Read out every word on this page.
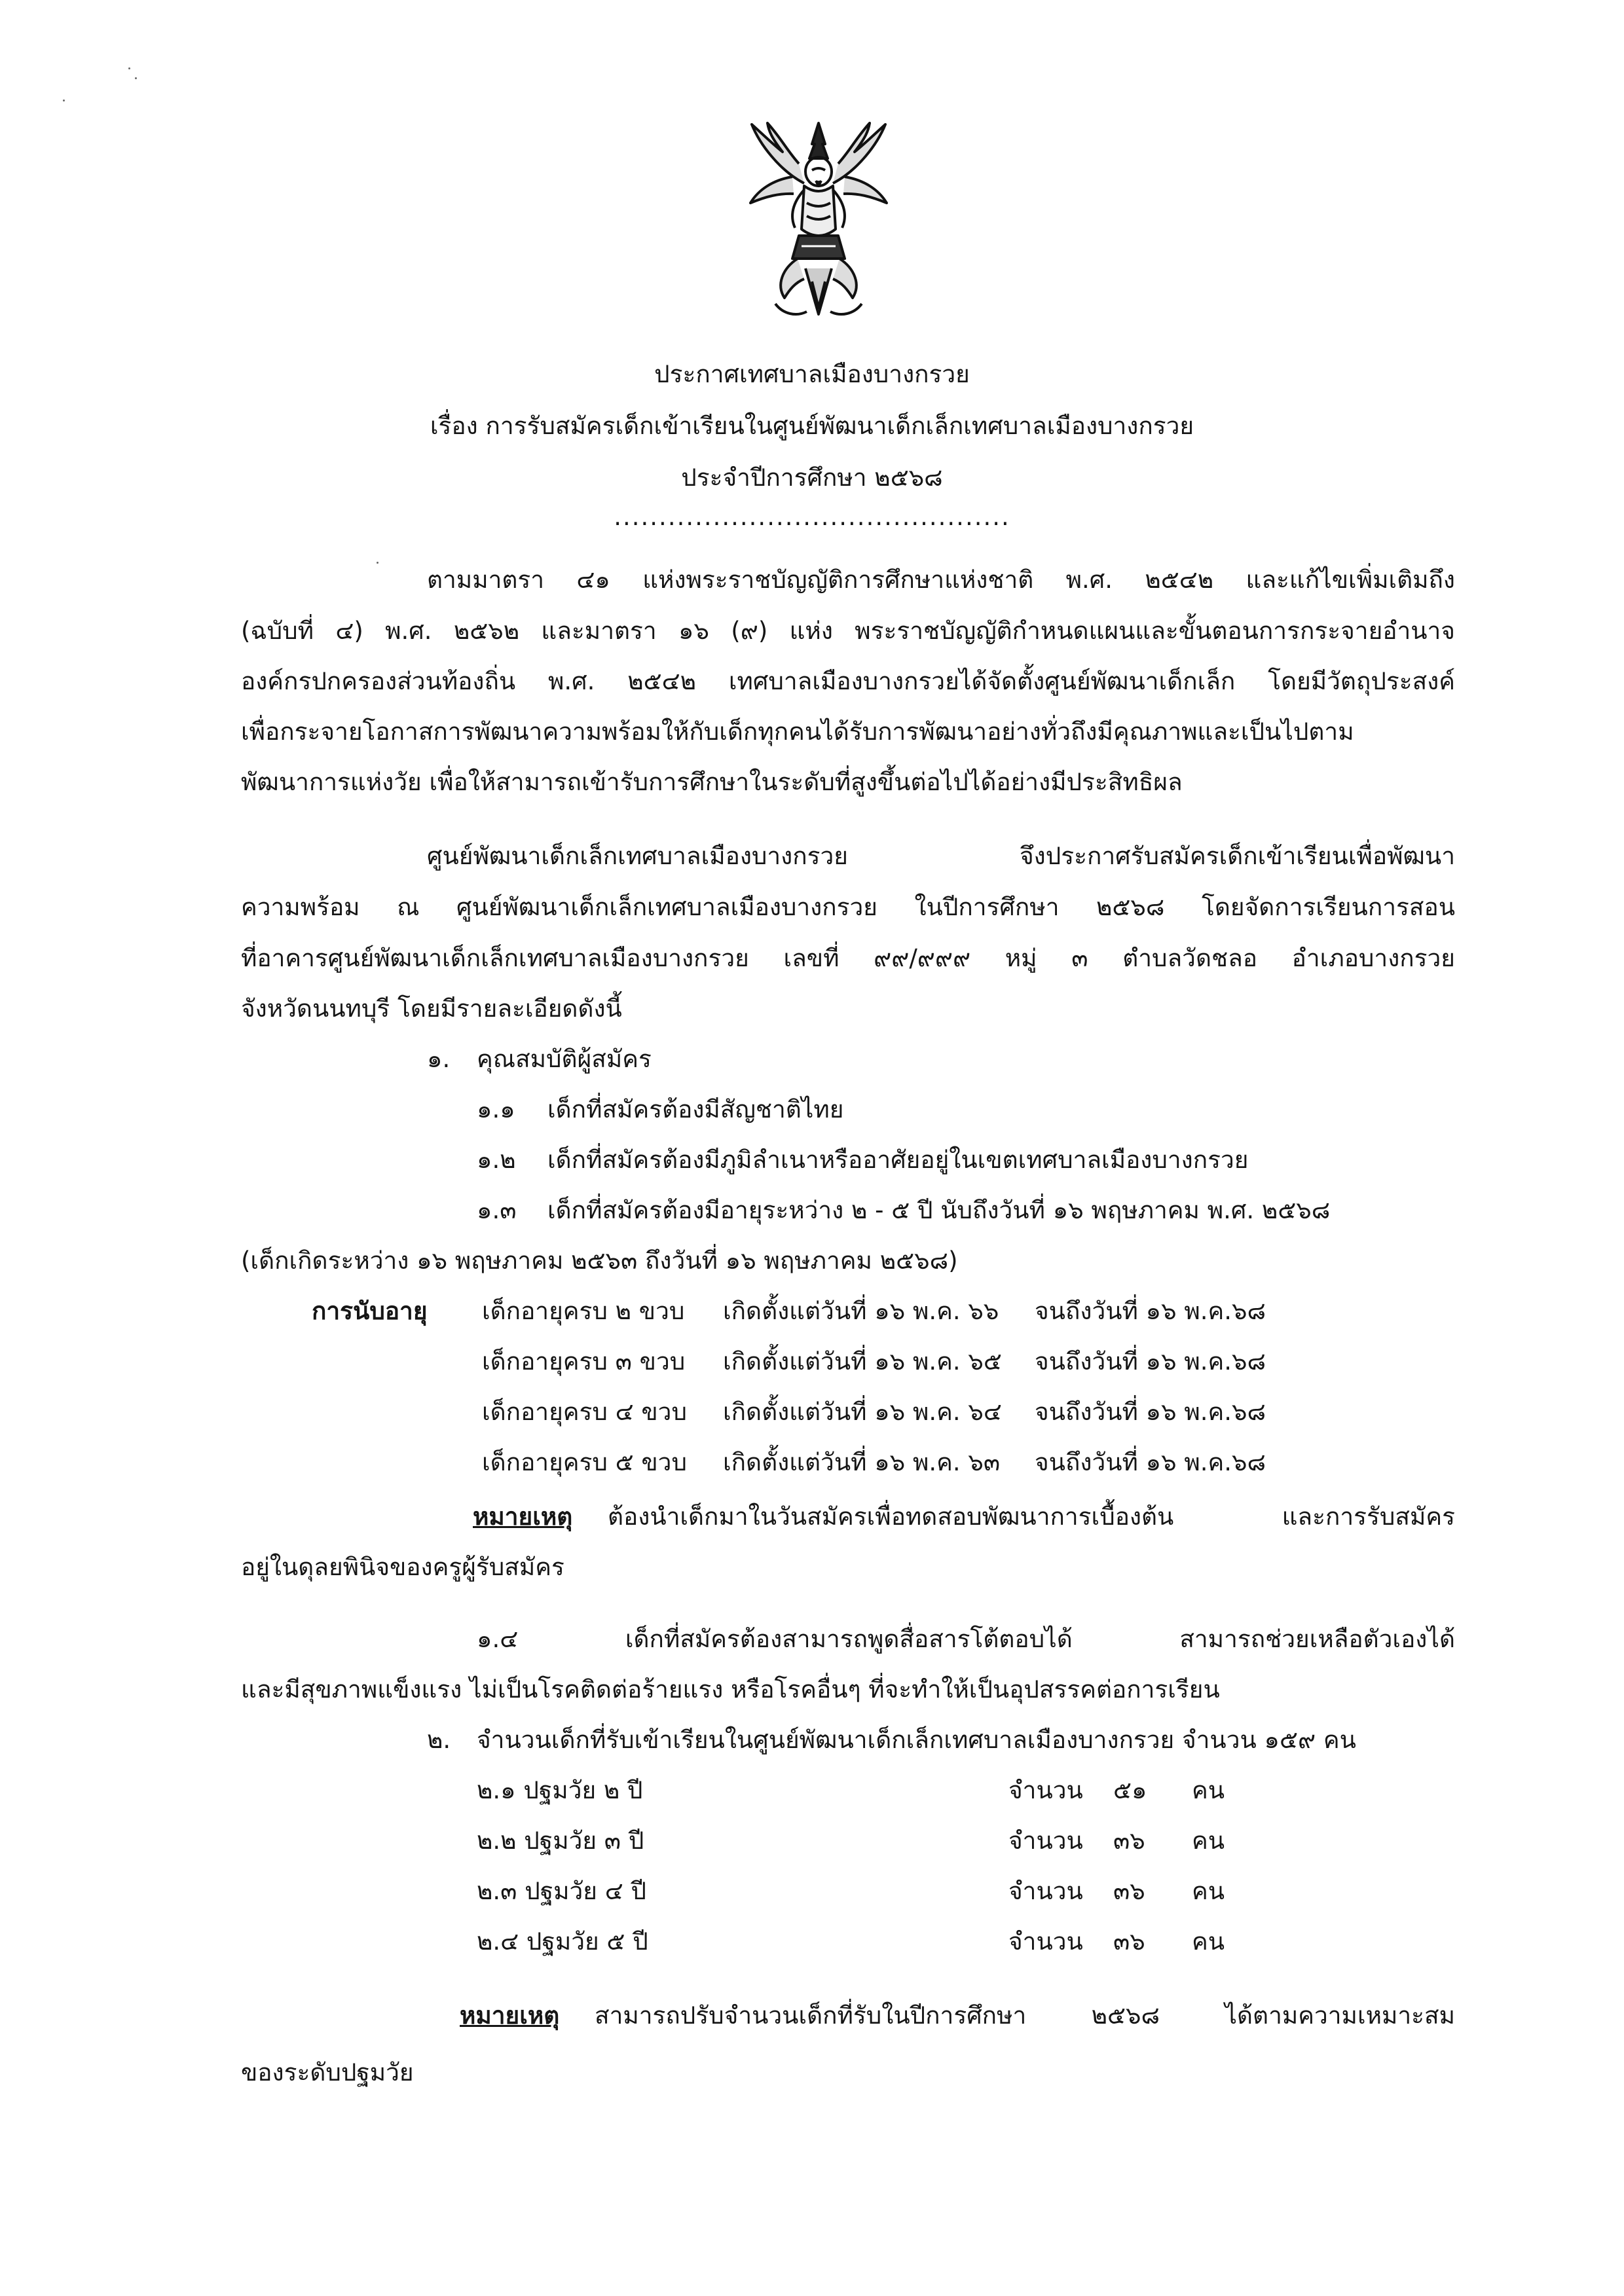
ประกาศเทศบาลเมืองบางกรวย
เรื่อง การรับสมัครเด็กเข้าเรียนในศูนย์พัฒนาเด็กเล็กเทศบาลเมืองบางกรวย
ประจำปีการศึกษา ๒๕๖๘
............................................
ตามมาตรา ๔๑ แห่งพระราชบัญญัติการศึกษาแห่งชาติ พ.ศ. ๒๕๔๒ และแก้ไขเพิ่มเติมถึง
(ฉบับที่ ๔) พ.ศ. ๒๕๖๒ และมาตรา ๑๖ (๙) แห่ง พระราชบัญญัติกำหนดแผนและขั้นตอนการกระจายอำนาจ
องค์กรปกครองส่วนท้องถิ่น พ.ศ. ๒๕๔๒ เทศบาลเมืองบางกรวยได้จัดตั้งศูนย์พัฒนาเด็กเล็ก โดยมีวัตถุประสงค์
เพื่อกระจายโอกาสการพัฒนาความพร้อมให้กับเด็กทุกคนได้รับการพัฒนาอย่างทั่วถึงมีคุณภาพและเป็นไปตาม
พัฒนาการแห่งวัย เพื่อให้สามารถเข้ารับการศึกษาในระดับที่สูงขึ้นต่อไปได้อย่างมีประสิทธิผล
ศูนย์พัฒนาเด็กเล็กเทศบาลเมืองบางกรวย จึงประกาศรับสมัครเด็กเข้าเรียนเพื่อพัฒนา
ความพร้อม ณ ศูนย์พัฒนาเด็กเล็กเทศบาลเมืองบางกรวย ในปีการศึกษา ๒๕๖๘ โดยจัดการเรียนการสอน
ที่อาคารศูนย์พัฒนาเด็กเล็กเทศบาลเมืองบางกรวย เลขที่ ๙๙/๙๙๙ หมู่ ๓ ตำบลวัดชลอ อำเภอบางกรวย
จังหวัดนนทบุรี โดยมีรายละเอียดดังนี้
๑. คุณสมบัติผู้สมัคร
๑.๑ เด็กที่สมัครต้องมีสัญชาติไทย
๑.๒ เด็กที่สมัครต้องมีภูมิลำเนาหรืออาศัยอยู่ในเขตเทศบาลเมืองบางกรวย
๑.๓ เด็กที่สมัครต้องมีอายุระหว่าง ๒ - ๕ ปี นับถึงวันที่ ๑๖ พฤษภาคม พ.ศ. ๒๕๖๘
(เด็กเกิดระหว่าง ๑๖ พฤษภาคม ๒๕๖๓ ถึงวันที่ ๑๖ พฤษภาคม ๒๕๖๘)
การนับอายุ เด็กอายุครบ ๒ ขวบ เกิดตั้งแต่วันที่ ๑๖ พ.ค. ๖๖ จนถึงวันที่ ๑๖ พ.ค.๖๘
เด็กอายุครบ ๓ ขวบ เกิดตั้งแต่วันที่ ๑๖ พ.ค. ๖๕ จนถึงวันที่ ๑๖ พ.ค.๖๘
เด็กอายุครบ ๔ ขวบ เกิดตั้งแต่วันที่ ๑๖ พ.ค. ๖๔ จนถึงวันที่ ๑๖ พ.ค.๖๘
เด็กอายุครบ ๕ ขวบ เกิดตั้งแต่วันที่ ๑๖ พ.ค. ๖๓ จนถึงวันที่ ๑๖ พ.ค.๖๘
หมายเหตุ ต้องนำเด็กมาในวันสมัครเพื่อทดสอบพัฒนาการเบื้องต้น และการรับสมัคร
อยู่ในดุลยพินิจของครูผู้รับสมัคร
๑.๔ เด็กที่สมัครต้องสามารถพูดสื่อสารโต้ตอบได้ สามารถช่วยเหลือตัวเองได้
และมีสุขภาพแข็งแรง ไม่เป็นโรคติดต่อร้ายแรง หรือโรคอื่นๆ ที่จะทำให้เป็นอุปสรรคต่อการเรียน
๒. จำนวนเด็กที่รับเข้าเรียนในศูนย์พัฒนาเด็กเล็กเทศบาลเมืองบางกรวย จำนวน ๑๕๙ คน
๒.๑ ปฐมวัย ๒ ปี	จำนวน ๕๑ คน
๒.๒ ปฐมวัย ๓ ปี	จำนวน ๓๖ คน
๒.๓ ปฐมวัย ๔ ปี	จำนวน ๓๖ คน
๒.๔ ปฐมวัย ๕ ปี	จำนวน ๓๖ คน
หมายเหตุ สามารถปรับจำนวนเด็กที่รับในปีการศึกษา ๒๕๖๘ ได้ตามความเหมาะสม
ของระดับปฐมวัย
